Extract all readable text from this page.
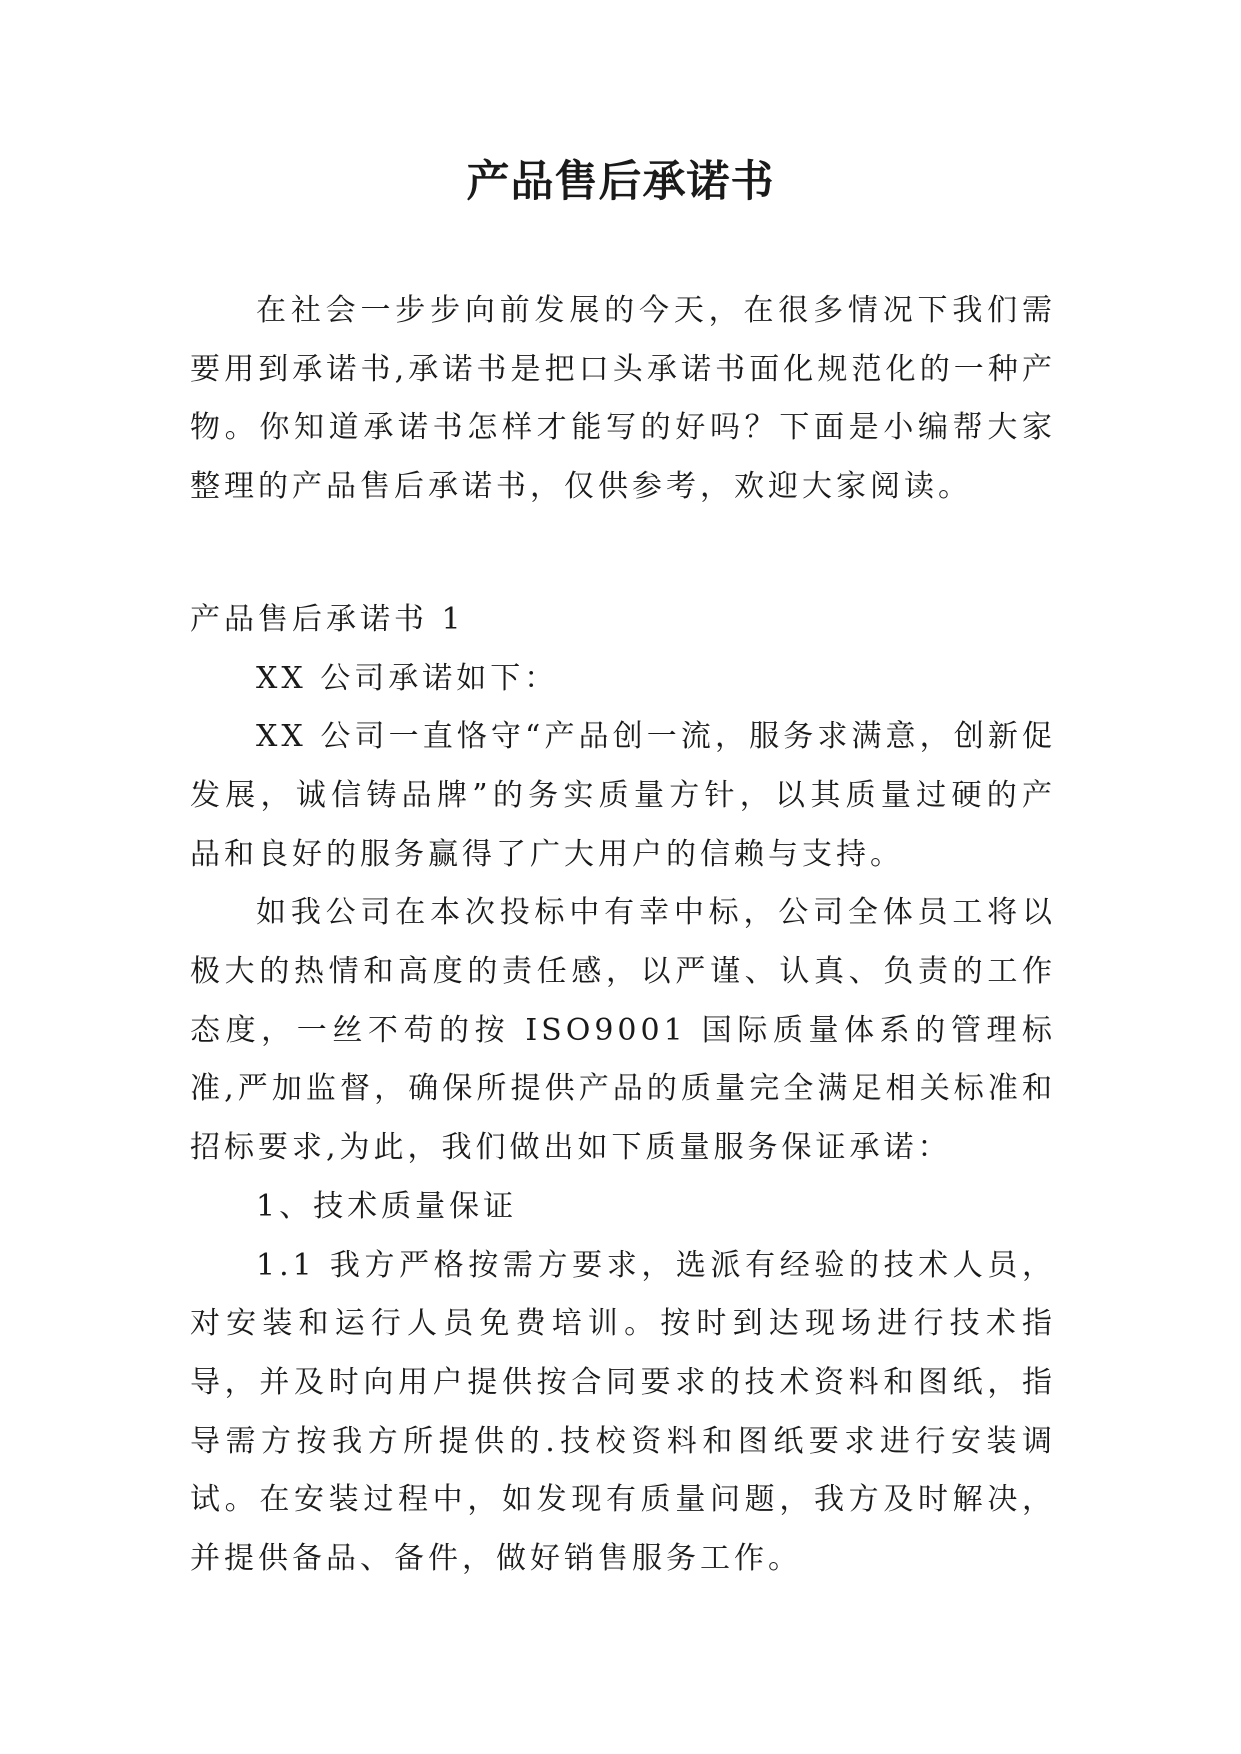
产品售后承诺书

在社会一步步向前发展的今天，在很多情况下我们需要用到承诺书,承诺书是把口头承诺书面化规范化的一种产物。你知道承诺书怎样才能写的好吗？下面是小编帮大家整理的产品售后承诺书，仅供参考，欢迎大家阅读。

产品售后承诺书 1

XX 公司承诺如下：

XX 公司一直恪守“产品创一流，服务求满意，创新促发展，诚信铸品牌”的务实质量方针，以其质量过硬的产品和良好的服务赢得了广大用户的信赖与支持。

如我公司在本次投标中有幸中标，公司全体员工将以极大的热情和高度的责任感，以严谨、认真、负责的工作态度，一丝不苟的按 ISO9001 国际质量体系的管理标准,严加监督，确保所提供产品的质量完全满足相关标准和招标要求,为此，我们做出如下质量服务保证承诺：

1、技术质量保证

1.1 我方严格按需方要求，选派有经验的技术人员，对安装和运行人员免费培训。按时到达现场进行技术指导，并及时向用户提供按合同要求的技术资料和图纸，指导需方按我方所提供的.技校资料和图纸要求进行安装调试。在安装过程中，如发现有质量问题，我方及时解决，并提供备品、备件，做好销售服务工作。
